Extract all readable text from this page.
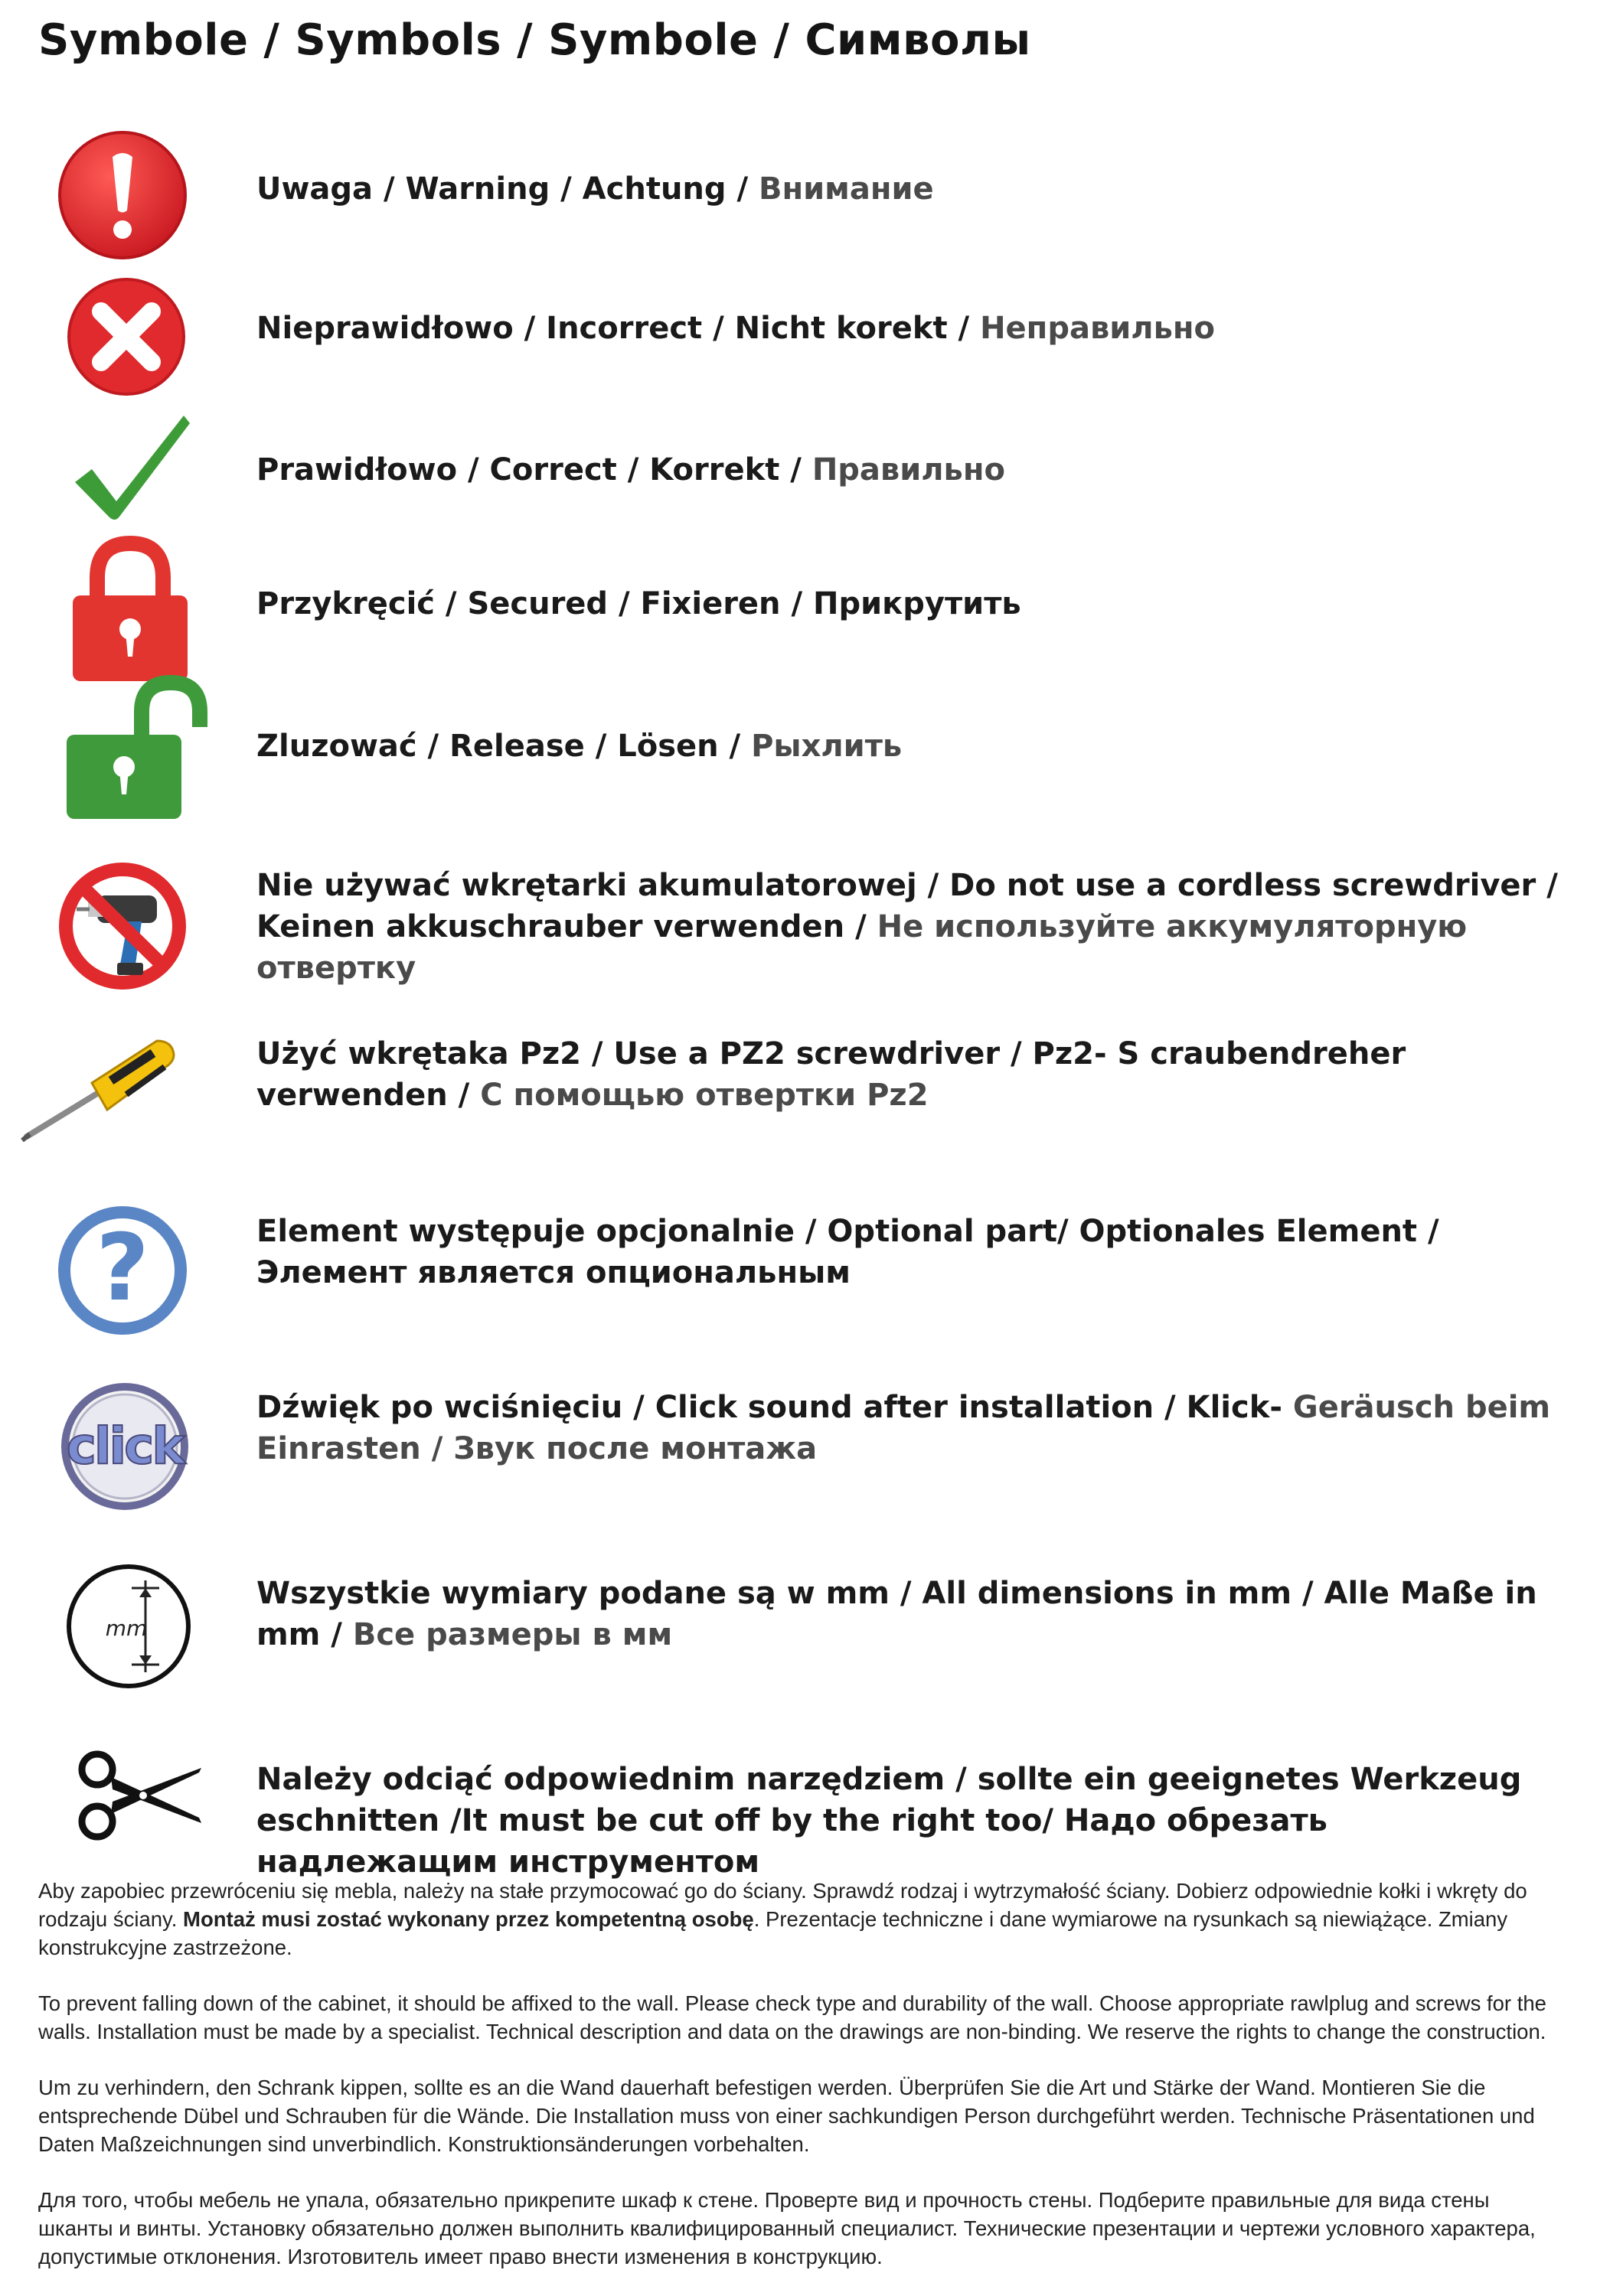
Symbole / Symbols / Symbole / Символы
Uwaga / Warning / Achtung / Внимание
Nieprawidłowo / Incorrect / Nicht korekt / Неправильно
Prawidłowo / Correct / Korrekt / Правильно
Przykręcić / Secured / Fixieren / Прикрутить
Zluzować / Release / Lösen / Рыхлить
Nie używać wkrętarki akumulatorowej / Do not use a cordless screwdriver / Keinen akkuschrauber verwenden / Не используйте аккумуляторную отвертку
Użyć wkrętaka Pz2 / Use a PZ2 screwdriver / Pz2- S craubendreher verwenden / С помощью отвертки Pz2
?	Element występuje opcjonalnie / Optional part/ Optionales Element / Элемент является опциональным
click
Dźwięk po wciśnięciu / Click sound after installation / Klick- Geräusch beim Einrasten / Звук после монтажа
mm
Wszystkie wymiary podane są w mm / All dimensions in mm / Alle Maße in mm / Все размеры в мм
Należy odciąć odpowiednim narzędziem / sollte ein geeignetes Werkzeug eschnitten /It must be cut off by the right too/ Надо обрезать надлежащим инструментом

Aby zapobiec przewróceniu się mebla, należy na stałe przymocować go do ściany. Sprawdź rodzaj i wytrzymałość ściany. Dobierz odpowiednie kołki i wkręty do rodzaju ściany. Montaż musi zostać wykonany przez kompetentną osobę. Prezentacje techniczne i dane wymiarowe na rysunkach są niewiążące. Zmiany konstrukcyjne zastrzeżone.

To prevent falling down of the cabinet, it should be affixed to the wall. Please check type and durability of the wall. Choose appropriate rawlplug and screws for the walls. Installation must be made by a specialist. Technical description and data on the drawings are non-binding. We reserve the rights to change the construction.

Um zu verhindern, den Schrank kippen, sollte es an die Wand dauerhaft befestigen werden. Überprüfen Sie die Art und Stärke der Wand. Montieren Sie die entsprechende Dübel und Schrauben für die Wände. Die Installation muss von einer sachkundigen Person durchgeführt werden. Technische Präsentationen und Daten Maßzeichnungen sind unverbindlich. Konstruktionsänderungen vorbehalten.

Для того, чтобы мебель не упала, обязательно прикрепите шкаф к стене. Проверте вид и прочность стены. Подберите правильные для вида стены шканты и винты. Установку обязательно должен выполнить квалифицированный специалист. Технические презентации и чертежи условного характера, допустимые отклонения. Изготовитель имеет право внести изменения в конструкцию.
